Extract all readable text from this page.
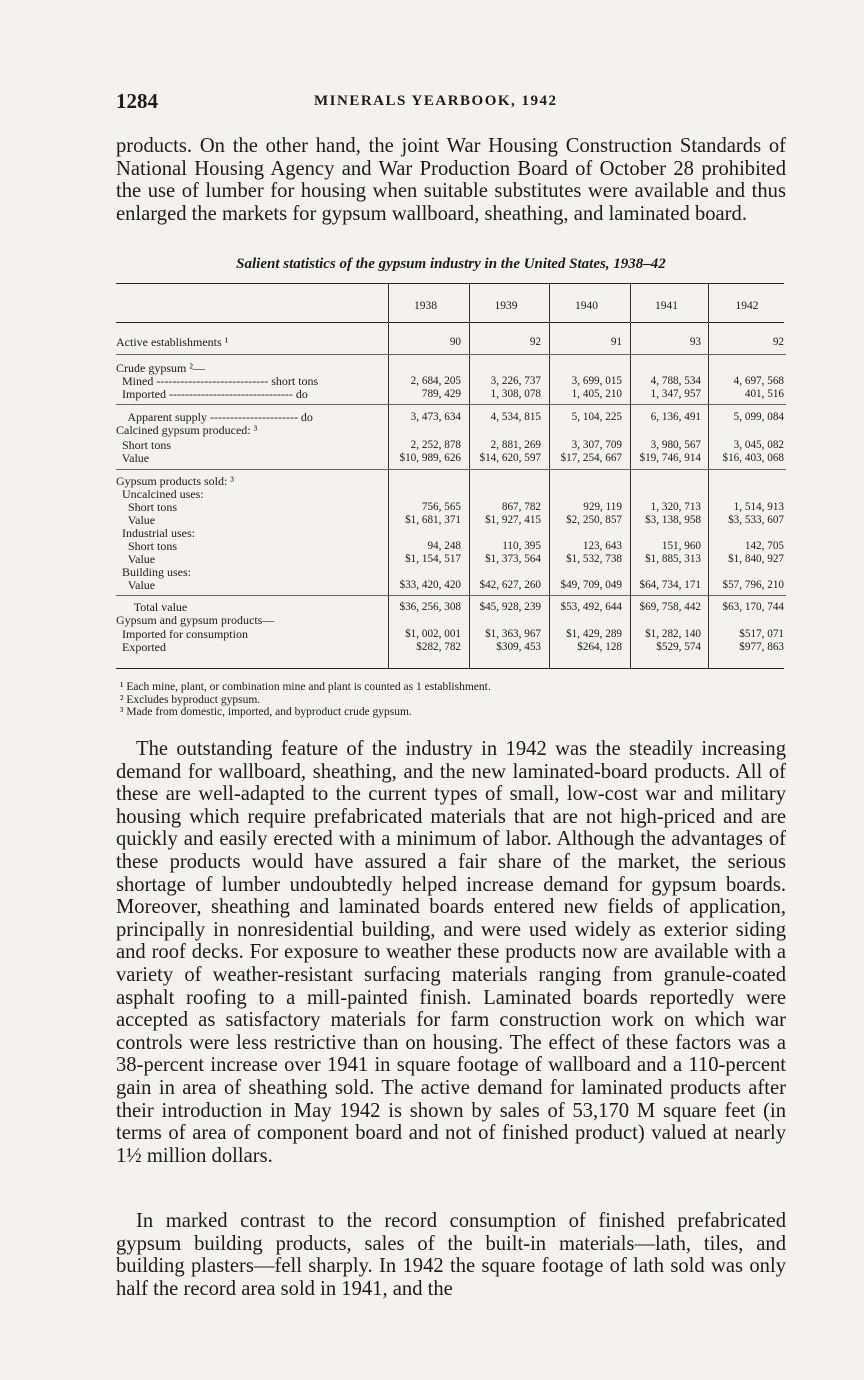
1284	MINERALS YEARBOOK, 1942

products. On the other hand, the joint War Housing Construction Standards of National Housing Agency and War Production Board of October 28 prohibited the use of lumber for housing when suitable substitutes were available and thus enlarged the markets for gypsum wallboard, sheathing, and laminated board.

Salient statistics of the gypsum industry in the United States, 1938–42
1938	1939	1940	1941	1942
Active establishments ¹	90	92	91	93	92
Crude gypsum ²—
Mined ---------------------------- short tons	2, 684, 205	3, 226, 737	3, 699, 015	4, 788, 534	4, 697, 568
Imported ------------------------------- do	789, 429	1, 308, 078	1, 405, 210	1, 347, 957	401, 516
Apparent supply ---------------------- do	3, 473, 634	4, 534, 815	5, 104, 225	6, 136, 491	5, 099, 084
Calcined gypsum produced: ³
Short tons	2, 252, 878	2, 881, 269	3, 307, 709	3, 980, 567	3, 045, 082
Value	$10, 989, 626	$14, 620, 597	$17, 254, 667	$19, 746, 914	$16, 403, 068
Gypsum products sold: ³
Uncalcined uses:
Short tons	756, 565	867, 782	929, 119	1, 320, 713	1, 514, 913
Value	$1, 681, 371	$1, 927, 415	$2, 250, 857	$3, 138, 958	$3, 533, 607
Industrial uses:
Short tons	94, 248	110, 395	123, 643	151, 960	142, 705
Value	$1, 154, 517	$1, 373, 564	$1, 532, 738	$1, 885, 313	$1, 840, 927
Building uses:
Value	$33, 420, 420	$42, 627, 260	$49, 709, 049	$64, 734, 171	$57, 796, 210
Total value	$36, 256, 308	$45, 928, 239	$53, 492, 644	$69, 758, 442	$63, 170, 744
Gypsum and gypsum products—
Imported for consumption	$1, 002, 001	$1, 363, 967	$1, 429, 289	$1, 282, 140	$517, 071
Exported	$282, 782	$309, 453	$264, 128	$529, 574	$977, 863
¹ Each mine, plant, or combination mine and plant is counted as 1 establishment.
² Excludes byproduct gypsum.
³ Made from domestic, imported, and byproduct crude gypsum.

The outstanding feature of the industry in 1942 was the steadily increasing demand for wallboard, sheathing, and the new laminated-board products. All of these are well-adapted to the current types of small, low-cost war and military housing which require prefabricated materials that are not high-priced and are quickly and easily erected with a minimum of labor. Although the advantages of these products would have assured a fair share of the market, the serious shortage of lumber undoubtedly helped increase demand for gypsum boards. Moreover, sheathing and laminated boards entered new fields of application, principally in nonresidential building, and were used widely as exterior siding and roof decks. For exposure to weather these products now are available with a variety of weather-resistant surfacing materials ranging from granule-coated asphalt roofing to a mill-painted finish. Laminated boards reportedly were accepted as satisfactory materials for farm construction work on which war controls were less restrictive than on housing. The effect of these factors was a 38-percent increase over 1941 in square footage of wallboard and a 110-percent gain in area of sheathing sold. The active demand for laminated products after their introduction in May 1942 is shown by sales of 53,170 M square feet (in terms of area of component board and not of finished product) valued at nearly 1½ million dollars.

In marked contrast to the record consumption of finished prefabricated gypsum building products, sales of the built-in materials—lath, tiles, and building plasters—fell sharply. In 1942 the square footage of lath sold was only half the record area sold in 1941, and the
